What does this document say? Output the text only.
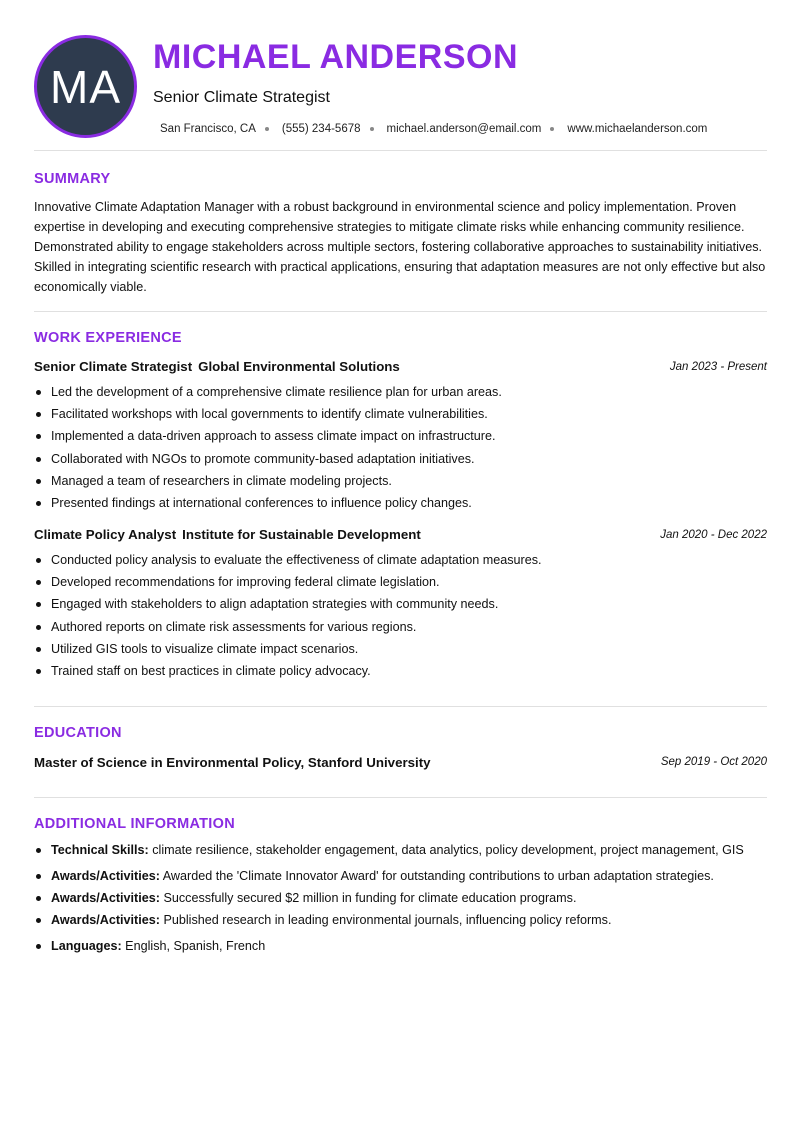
MA
MICHAEL ANDERSON
Senior Climate Strategist
San Francisco, CA (555) 234-5678 michael.anderson@email.com www.michaelanderson.com
SUMMARY
Innovative Climate Adaptation Manager with a robust background in environmental science and policy implementation. Proven expertise in developing and executing comprehensive strategies to mitigate climate risks while enhancing community resilience. Demonstrated ability to engage stakeholders across multiple sectors, fostering collaborative approaches to sustainability initiatives. Skilled in integrating scientific research with practical applications, ensuring that adaptation measures are not only effective but also economically viable.
WORK EXPERIENCE
Senior Climate Strategist Global Environmental Solutions	Jan 2023 - Present
Led the development of a comprehensive climate resilience plan for urban areas.
Facilitated workshops with local governments to identify climate vulnerabilities.
Implemented a data-driven approach to assess climate impact on infrastructure.
Collaborated with NGOs to promote community-based adaptation initiatives.
Managed a team of researchers in climate modeling projects.
Presented findings at international conferences to influence policy changes.
Climate Policy Analyst Institute for Sustainable Development	Jan 2020 - Dec 2022
Conducted policy analysis to evaluate the effectiveness of climate adaptation measures.
Developed recommendations for improving federal climate legislation.
Engaged with stakeholders to align adaptation strategies with community needs.
Authored reports on climate risk assessments for various regions.
Utilized GIS tools to visualize climate impact scenarios.
Trained staff on best practices in climate policy advocacy.
EDUCATION
Master of Science in Environmental Policy, Stanford University	Sep 2019 - Oct 2020
ADDITIONAL INFORMATION
Technical Skills: climate resilience, stakeholder engagement, data analytics, policy development, project management, GIS
Awards/Activities: Awarded the 'Climate Innovator Award' for outstanding contributions to urban adaptation strategies.
Awards/Activities: Successfully secured $2 million in funding for climate education programs.
Awards/Activities: Published research in leading environmental journals, influencing policy reforms.
Languages: English, Spanish, French
